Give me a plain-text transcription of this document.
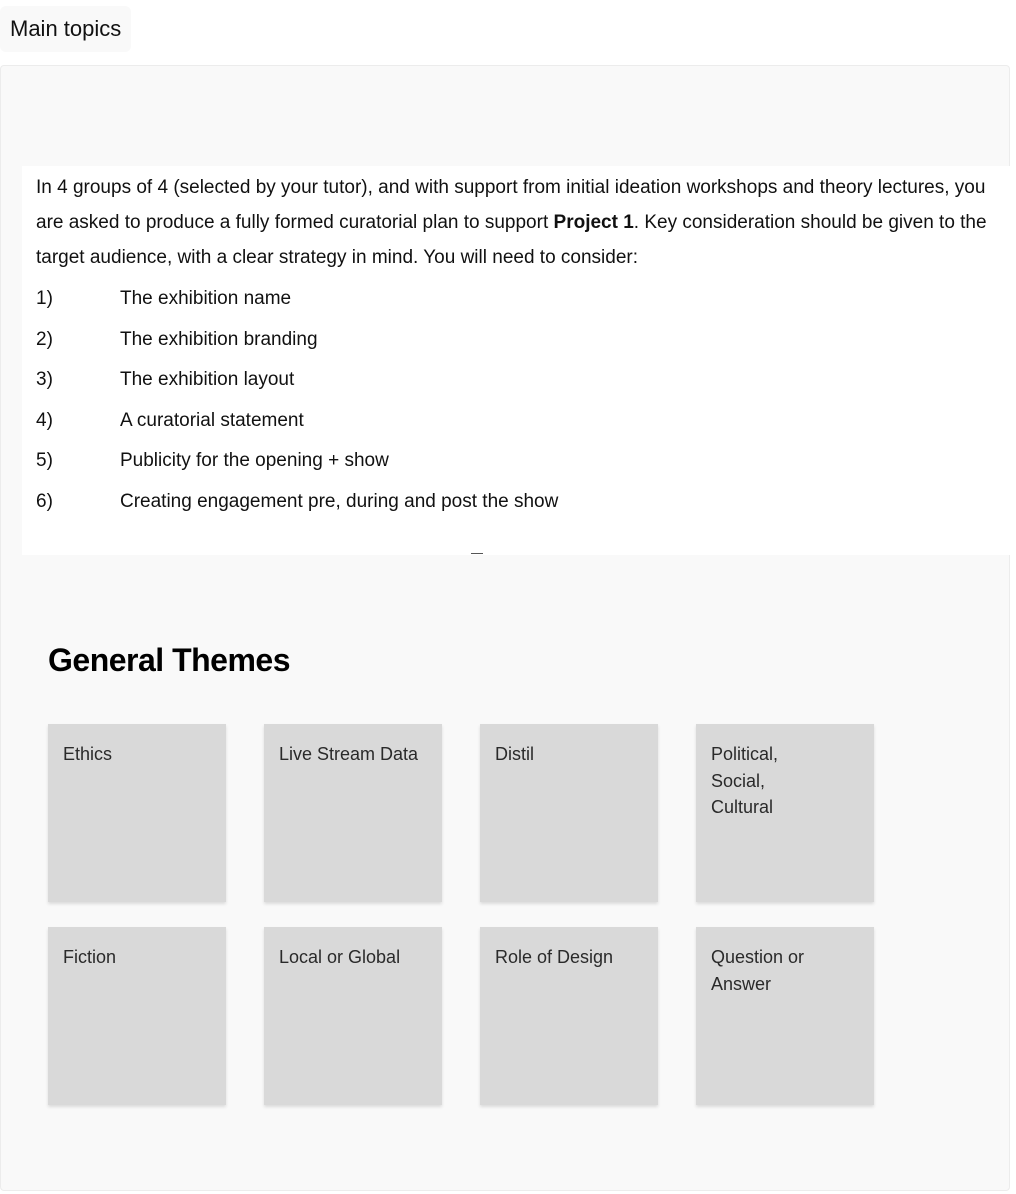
Main topics

In 4 groups of 4 (selected by your tutor), and with support from initial ideation workshops and theory lectures, you are asked to produce a fully formed curatorial plan to support Project 1. Key consideration should be given to the target audience, with a clear strategy in mind. You will need to consider:

1)	The exhibition name
2)	The exhibition branding
3)	The exhibition layout
4)	A curatorial statement
5)	Publicity for the opening + show
6)	Creating engagement pre, during and post the show
General Themes
Ethics	Live Stream Data	Distil	Political,
Social,
Cultural
Fiction	Local or Global	Role of Design	Question or
Answer
